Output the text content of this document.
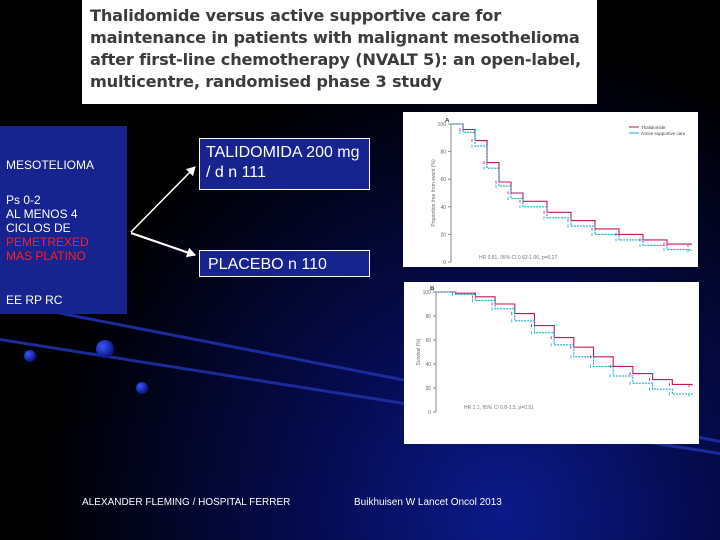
Thalidomide versus active supportive care for maintenance in patients with malignant mesothelioma after first-line chemotherapy (NVALT 5): an open-label, multicentre, randomised phase 3 study
MESOTELIOMA
Ps 0-2
AL MENOS 4
CICLOS DE
PEMETREXED
MAS PLATINO
EE RP RC
TALIDOMIDA 200 mg / d n 111
PLACEBO n 110
100
80
60
40
20
0
A
Proportion free from event (%)
Thalidomide
Active supportive care
HR 0.81, 95% CI 0.62-1.06, p=0.27
100
80
60
40
20
0
B
Survival (%)
HR 1.1, 95% CI 0.8-1.5, p=0.51
ALEXANDER FLEMING / HOSPITAL FERRER	Buikhuisen W Lancet Oncol 2013
